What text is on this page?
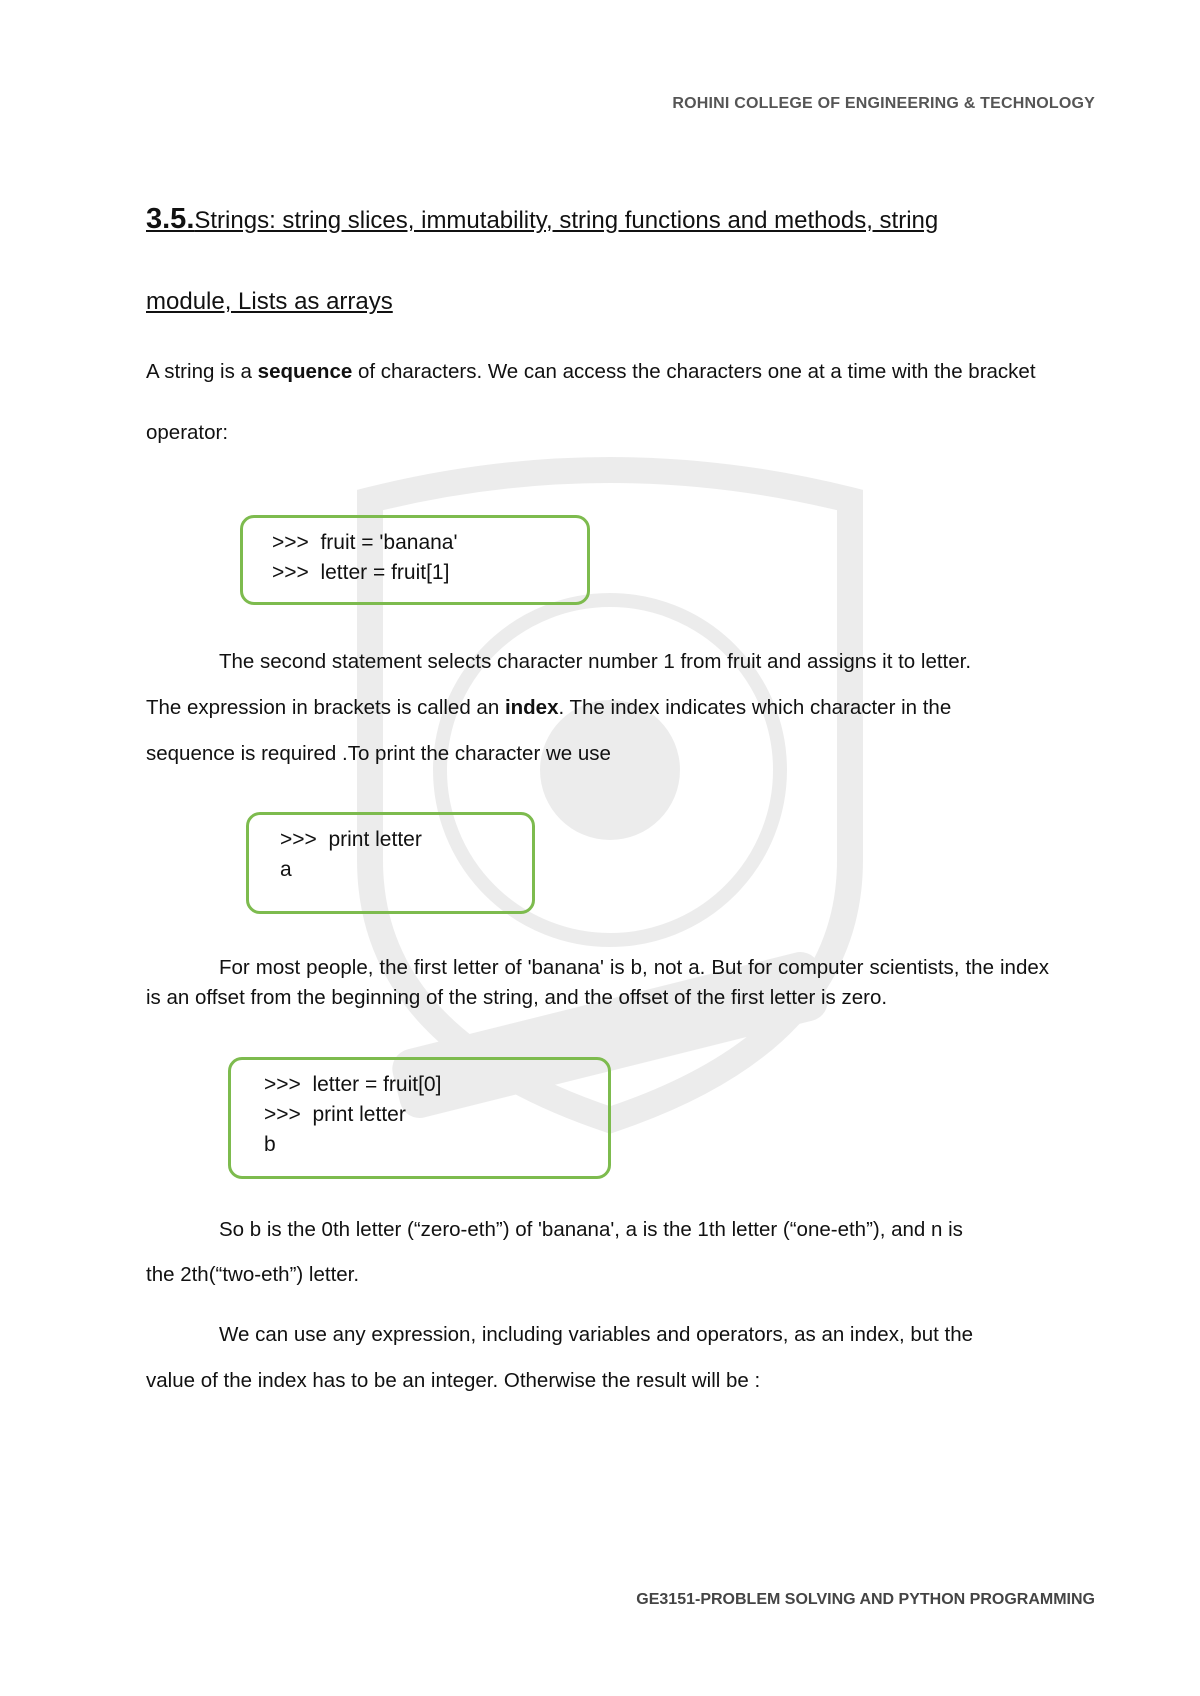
ROHINI COLLEGE OF ENGINEERING & TECHNOLOGY
3.5.Strings: string slices, immutability, string functions and methods, string
module, Lists as arrays
A string is a sequence of characters. We can access the characters one at a time with the bracket
operator:
>>>  fruit = 'banana'
>>>  letter = fruit[1]
The second statement selects character number 1 from fruit and assigns it to letter.
The expression in brackets is called an index. The index indicates which character in the
sequence is required .To print the character we use
>>>  print letter
a
For most people, the first letter of 'banana' is b, not a. But for computer scientists, the index is an offset from the beginning of the string, and the offset of the first letter is zero.
>>>  letter = fruit[0]
>>>  print letter
b
So b is the 0th letter (“zero-eth”) of 'banana', a is the 1th letter (“one-eth”), and n is
the 2th(“two-eth”) letter.
We can use any expression, including variables and operators, as an index, but the
value of the index has to be an integer. Otherwise the result will be :
GE3151-PROBLEM SOLVING AND PYTHON PROGRAMMING
